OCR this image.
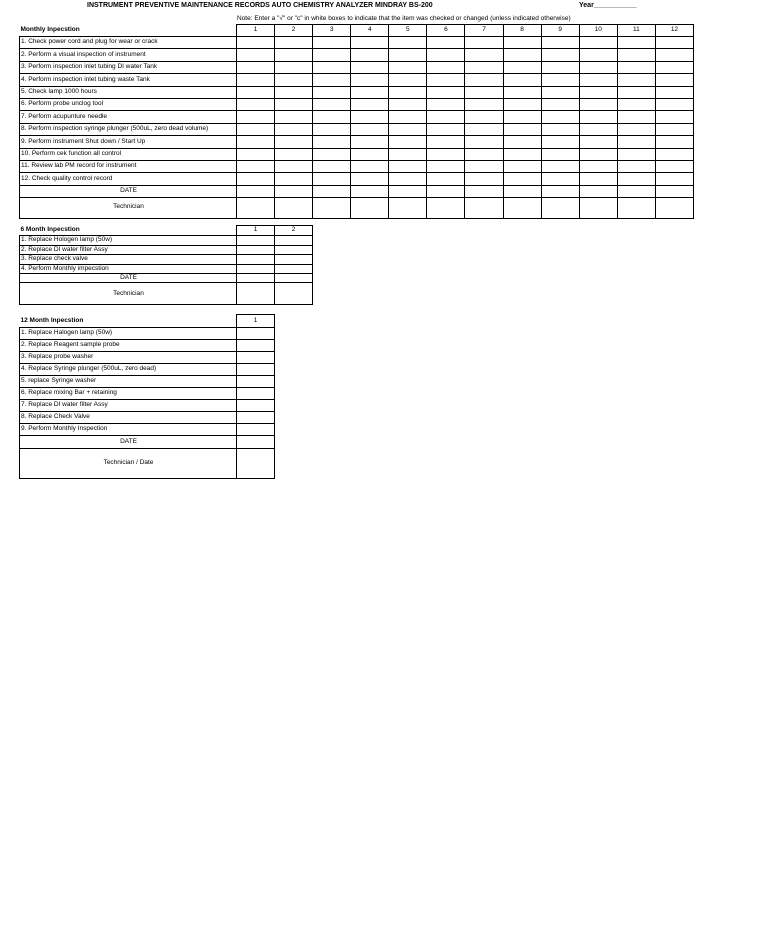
INSTRUMENT PREVENTIVE MAINTENANCE RECORDS AUTO CHEMISTRY ANALYZER MINDRAY BS-200	Year___________
Note: Enter a "√" or "c" in white boxes to indicate that the item was checked or changed (unless indicated otherwise)
Monthly Inpecstion	1	2	3	4	5	6	7	8	9	10	11	12
1. Check power cord and plug for wear or crack												
2. Perform a visual inspection of instrument												
3. Perform inspection inlet tubing DI water Tank												
4. Perform inspection inlet tubing waste Tank												
5. Check lamp 1000 hours												
6. Perform probe unclog tool												
7. Perform acupunture needle												
8. Perform inspection syringe plunger (500uL, zero dead volume)												
9. Perform instrument Shut down / Start Up												
10. Perform cek function all control												
11. Review lab PM record for instrument												
12. Check quality control record												
DATE												
Technician												
6 Month Inpecstion	1	2
1. Replace Hologen lamp (50w)		
2. Replace DI water filter Assy		
3. Replace check valve		
4. Perform Monthly impecstion		
DATE		
Technician		
12 Month Inpecstion	1
1. Replace Halogen lamp (50w)	
2. Replace Reagent sample probe	
3. Replace probe washer	
4. Replace Syringe plunger (500uL, zero dead)	
5. replace Syringe washer	
6. Replace mixing Bar + retaining	
7. Replace DI water filter Assy	
8. Replace Check Valve	
9. Perform Monthly Inspection	
DATE	
Technician / Date	
